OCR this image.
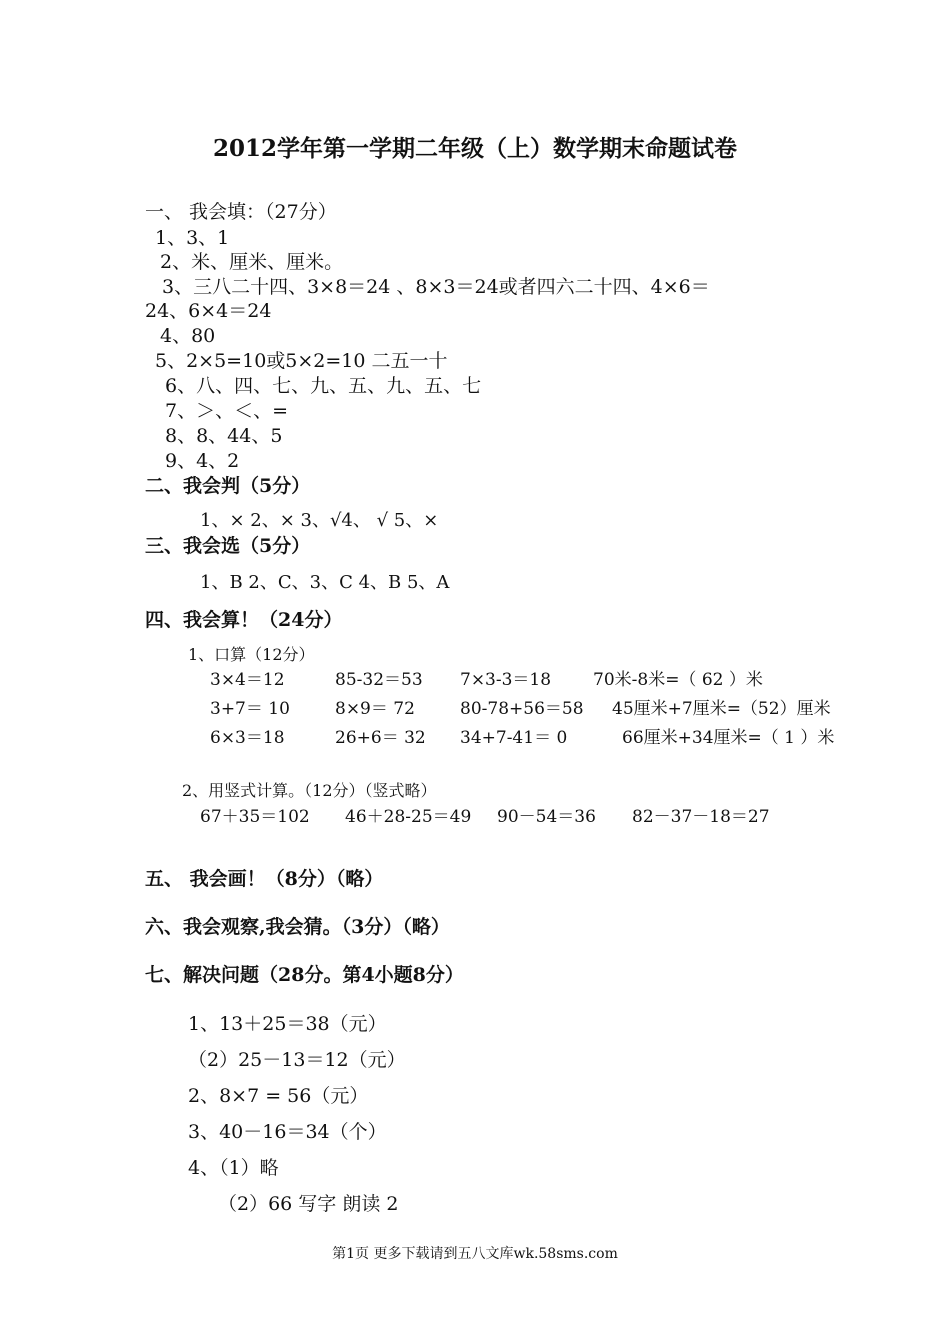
2012学年第一学期二年级（上）数学期末命题试卷
一、 我会填：（27分）
1、3、1
2、米、厘米、厘米。
3、三八二十四、3×8＝24 、8×3＝24或者四六二十四、4×6＝
24、6×4＝24
4、80
5、2×5=10或5×2=10 二五一十
6、八、四、七、九、五、九、五、七
7、＞、＜、=
8、8、44、5
9、4、2
二、我会判（5分）
1、× 2、× 3、√4、 √ 5、×
三、我会选（5分）
1、B 2、C、3、C 4、B 5、A
四、我会算！（24分）
1、口算（12分）
3×4＝12	85-32＝53 7×3-3＝18 70米-8米=（ 62 ）米
3+7＝ 10	8×9＝ 72	80-78+56＝58 45厘米+7厘米=（52）厘米
6×3＝18	26+6＝ 32 34+7-41＝ 0	66厘米+34厘米=（ 1 ）米
2、用竖式计算。（12分）（竖式略）
67＋35＝102 46＋28-25＝49 90－54＝36 82－37－18＝27
五、 我会画！（8分）（略）
六、我会观察,我会猜。（3分）（略）
七、解决问题（28分。第4小题8分）
1、13＋25＝38（元）
（2）25－13＝12（元）
2、8×7 = 56（元）
3、40－16＝34（个）
4、（1）略
（2）66 写字 朗读 2
第1页 更多下载请到五八文库wk.58sms.com
